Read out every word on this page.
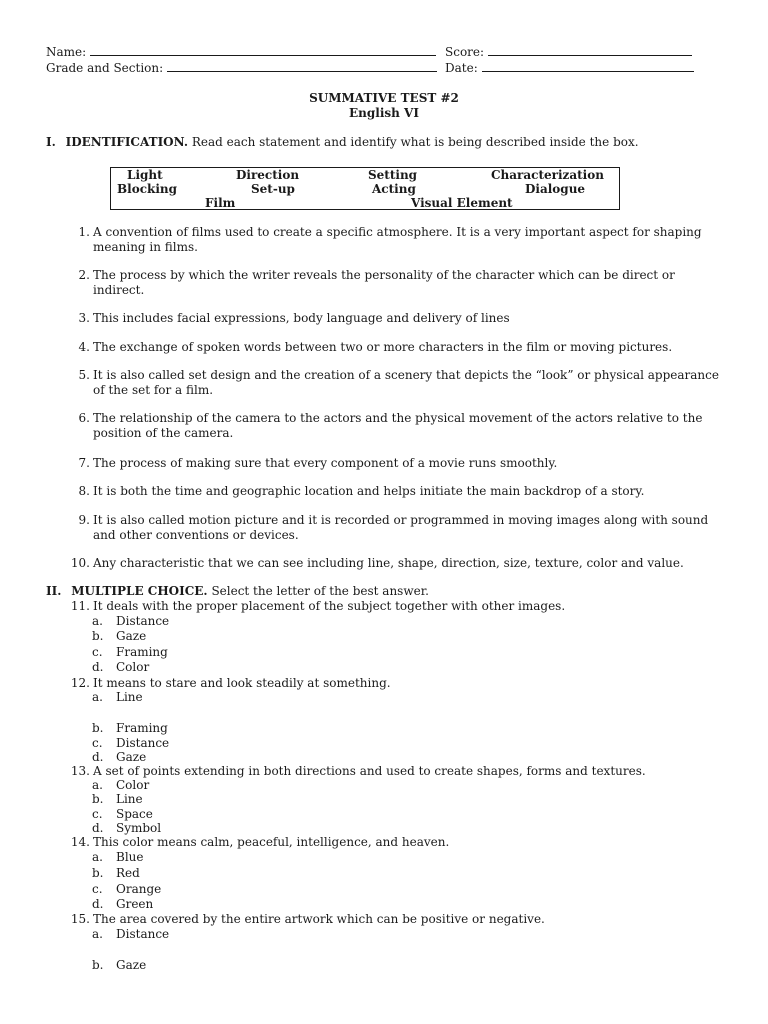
Name:	Score:
Grade and Section:	Date:
SUMMATIVE TEST #2
English VI
I. IDENTIFICATION. Read each statement and identify what is being described inside the box.
Light	Direction	Setting	Characterization
Blocking	Set-up	Acting	Dialogue
Film	Visual Element
1. A convention of films used to create a specific atmosphere. It is a very important aspect for shaping meaning in films.
2. The process by which the writer reveals the personality of the character which can be direct or indirect.
3. This includes facial expressions, body language and delivery of lines
4. The exchange of spoken words between two or more characters in the film or moving pictures.
5. It is also called set design and the creation of a scenery that depicts the “look” or physical appearance of the set for a film.
6. The relationship of the camera to the actors and the physical movement of the actors relative to the position of the camera.
7. The process of making sure that every component of a movie runs smoothly.
8. It is both the time and geographic location and helps initiate the main backdrop of a story.
9. It is also called motion picture and it is recorded or programmed in moving images along with sound and other conventions or devices.
10. Any characteristic that we can see including line, shape, direction, size, texture, color and value.
II. MULTIPLE CHOICE. Select the letter of the best answer.
11. It deals with the proper placement of the subject together with other images.
a. Distance
b. Gaze
c. Framing
d. Color
12. It means to stare and look steadily at something.
a. Line
b. Framing
c. Distance
d. Gaze
13. A set of points extending in both directions and used to create shapes, forms and textures.
a. Color
b. Line
c. Space
d. Symbol
14. This color means calm, peaceful, intelligence, and heaven.
a. Blue
b. Red
c. Orange
d. Green
15. The area covered by the entire artwork which can be positive or negative.
a. Distance
b. Gaze
